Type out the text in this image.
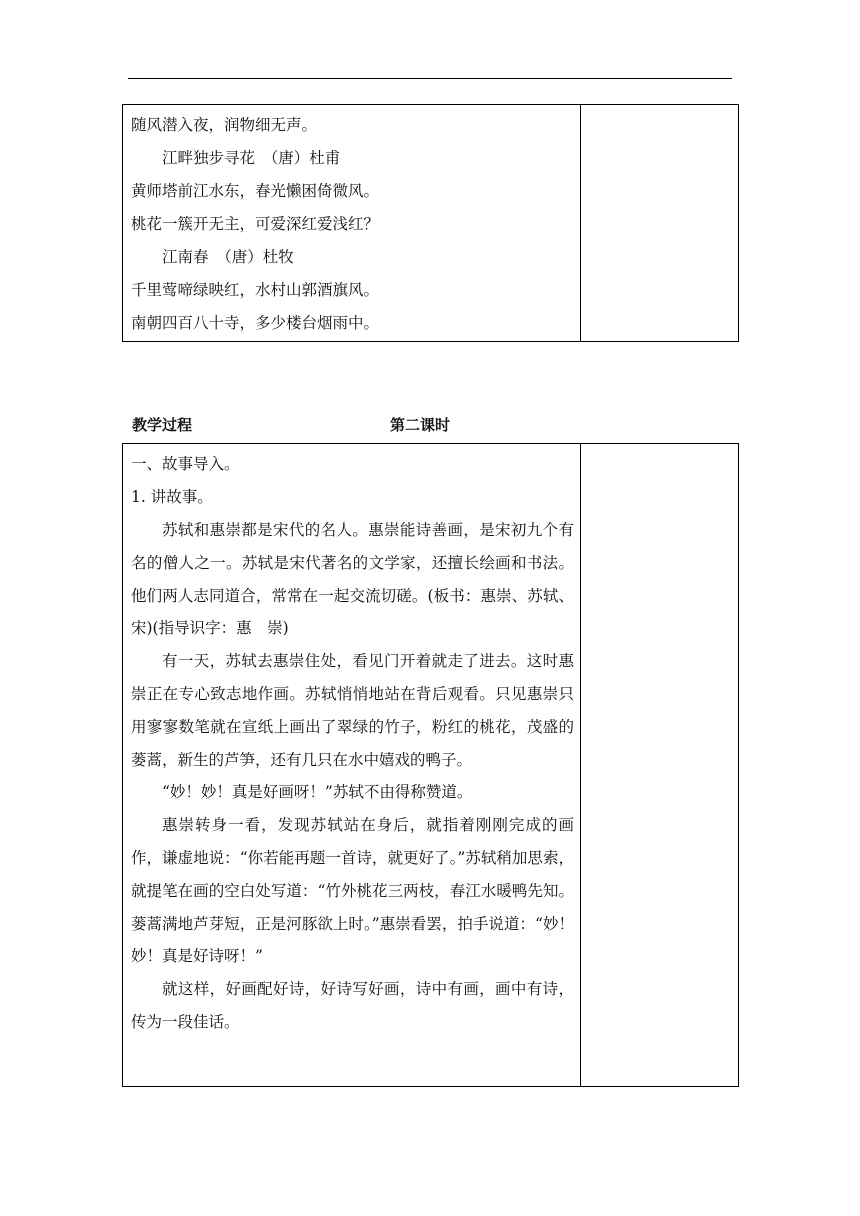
随风潜入夜，润物细无声。
江畔独步寻花　（唐）杜甫
黄师塔前江水东，春光懒困倚微风。
桃花一簇开无主，可爱深红爱浅红？
江南春　（唐）杜牧
千里莺啼绿映红，水村山郭酒旗风。
南朝四百八十寺，多少楼台烟雨中。
教学过程	第二课时
一、故事导入。
1. 讲故事。

苏轼和惠崇都是宋代的名人。惠崇能诗善画，是宋初九个有名的僧人之一。苏轼是宋代著名的文学家，还擅长绘画和书法。他们两人志同道合，常常在一起交流切磋。(板书：惠崇、苏轼、宋)(指导识字：惠　崇)

有一天，苏轼去惠崇住处，看见门开着就走了进去。这时惠崇正在专心致志地作画。苏轼悄悄地站在背后观看。只见惠崇只用寥寥数笔就在宣纸上画出了翠绿的竹子，粉红的桃花，茂盛的蒌蒿，新生的芦笋，还有几只在水中嬉戏的鸭子。

“妙！妙！真是好画呀！”苏轼不由得称赞道。

惠崇转身一看，发现苏轼站在身后，就指着刚刚完成的画作，谦虚地说：“你若能再题一首诗，就更好了。”苏轼稍加思索，就提笔在画的空白处写道：“竹外桃花三两枝，春江水暖鸭先知。蒌蒿满地芦芽短，正是河豚欲上时。”惠崇看罢，拍手说道：“妙！妙！真是好诗呀！”

就这样，好画配好诗，好诗写好画，诗中有画，画中有诗，传为一段佳话。
